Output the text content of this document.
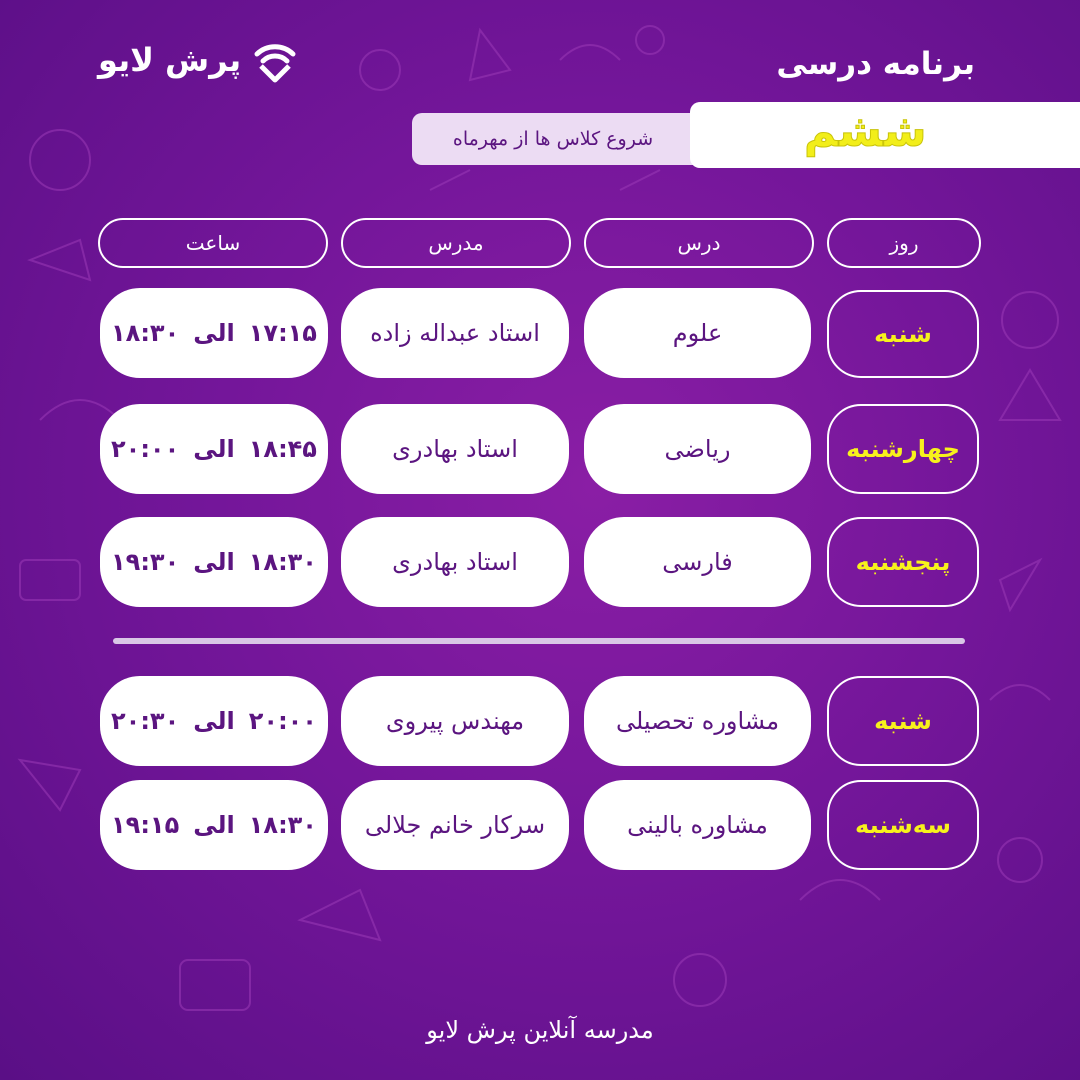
پرش لایو	برنامه درسی
شروع کلاس ها از مهرماه	ششم
روز
درس
مدرس
ساعت
شنبه
علوم
استاد عبداله زاده
۱۷:۱۵
الی
۱۸:۳۰
چهارشنبه
ریاضی
استاد بهادری
۱۸:۴۵
الی
۲۰:۰۰
پنجشنبه
فارسی
استاد بهادری
۱۸:۳۰
الی
۱۹:۳۰
شنبه
مشاوره تحصیلی
مهندس پیروی
۲۰:۰۰
الی
۲۰:۳۰
سه‌شنبه
مشاوره بالینی
سرکار خانم جلالی
۱۸:۳۰
الی
۱۹:۱۵
مدرسه آنلاین پرش لایو
